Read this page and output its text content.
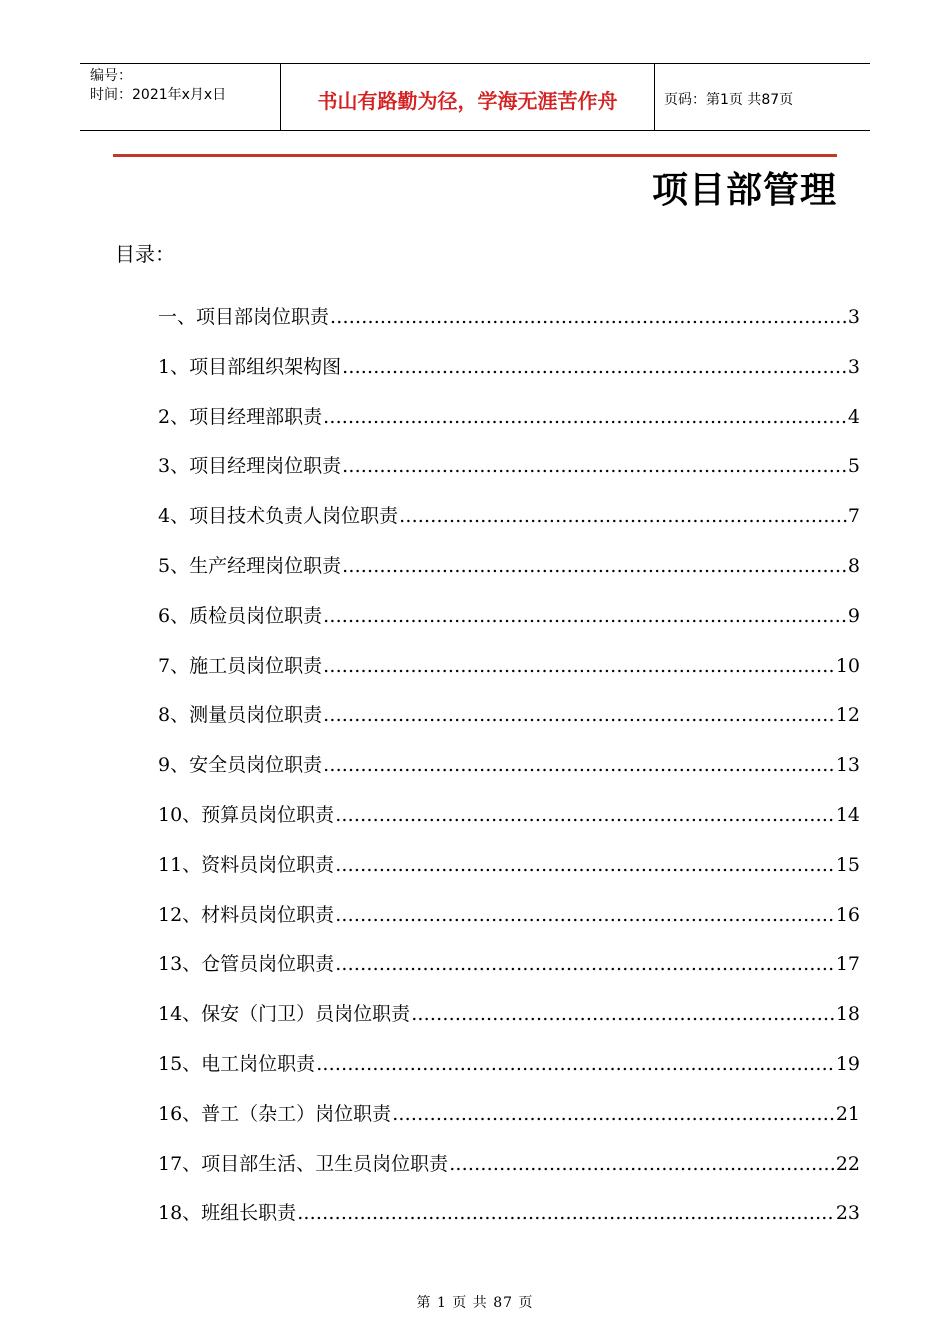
编号：
时间：2021年x月x日	书山有路勤为径，学海无涯苦作舟	页码：第1页 共87页
项目部管理
目录：
一、项目部岗位职责 .....	3
1、项目部组织架构图 .....	3
2、项目经理部职责 .....	4
3、项目经理岗位职责 .....	5
4、项目技术负责人岗位职责 .....	7
5、生产经理岗位职责 .....	8
6、质检员岗位职责 .....	9
7、施工员岗位职责 .....	10
8、测量员岗位职责 .....	12
9、安全员岗位职责 .....	13
10、预算员岗位职责 .....	14
11、资料员岗位职责 .....	15
12、材料员岗位职责 .....	16
13、仓管员岗位职责 .....	17
14、保安（门卫）员岗位职责 .....	18
15、电工岗位职责 .....	19
16、普工（杂工）岗位职责 .....	21
17、项目部生活、卫生员岗位职责 .....	22
18、班组长职责 .....	23
第 1 页 共 87 页
